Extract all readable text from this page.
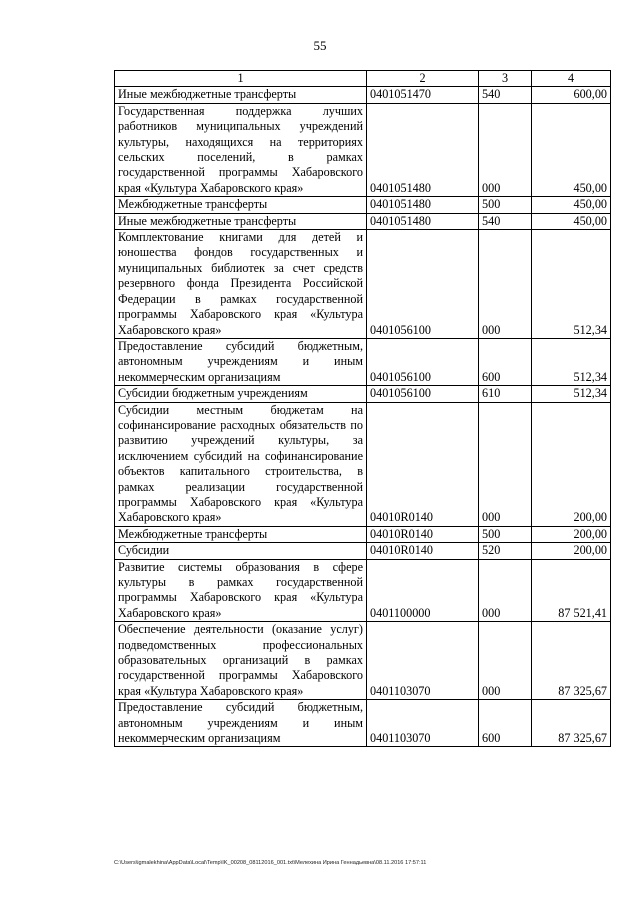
55
1	2	3	4
Иные межбюджетные трансферты	0401051470	540	600,00
Государственная поддержка лучших работников муниципальных учреждений культуры, находящихся на территориях сельских поселений, в рамках государственной программы Хабаровского края «Культура Хабаровского края»	0401051480	000	450,00
Межбюджетные трансферты	0401051480	500	450,00
Иные межбюджетные трансферты	0401051480	540	450,00
Комплектование книгами для детей и юношества фондов государственных и муниципальных библиотек за счет средств резервного фонда Президента Российской Федерации в рамках государственной программы Хабаровского края «Культура Хабаровского края»	0401056100	000	512,34
Предоставление субсидий бюджетным, автономным учреждениям и иным некоммерческим организациям	0401056100	600	512,34
Субсидии бюджетным учреждениям	0401056100	610	512,34
Субсидии местным бюджетам на софинансирование расходных обязательств по развитию учреждений культуры, за исключением субсидий на софинансирование объектов капитального строительства, в рамках реализации государственной программы Хабаровского края «Культура Хабаровского края»	04010R0140	000	200,00
Межбюджетные трансферты	04010R0140	500	200,00
Субсидии	04010R0140	520	200,00
Развитие системы образования в сфере культуры в рамках государственной программы Хабаровского края «Культура Хабаровского края»	0401100000	000	87 521,41
Обеспечение деятельности (оказание услуг) подведомственных профессиональных образовательных организаций в рамках государственной программы Хабаровского края «Культура Хабаровского края»	0401103070	000	87 325,67
Предоставление субсидий бюджетным, автономным учреждениям и иным некоммерческим организациям	0401103070	600	87 325,67
C:\Users\igmalekhina\AppData\Local\Temp\IK_00208_08112016_001.txt\Мелехина Ирина Геннадьевна\08.11.2016 17:57:11
